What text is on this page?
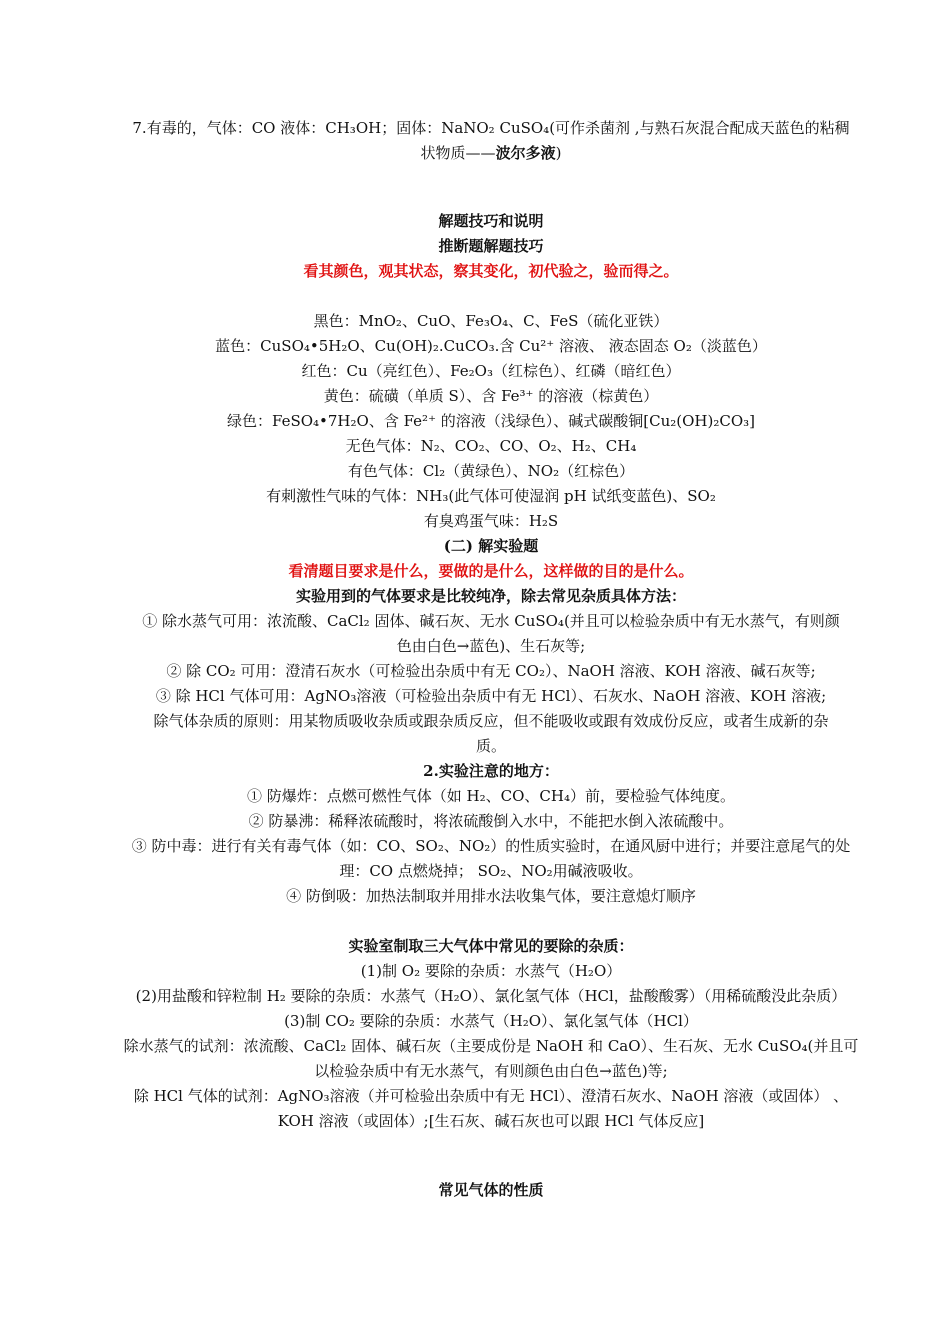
7.有毒的，气体：CO 液体：CH₃OH；固体：NaNO₂ CuSO₄(可作杀菌剂 ,与熟石灰混合配成天蓝色的粘稠

状物质——波尔多液)

解题技巧和说明

推断题解题技巧

看其颜色，观其状态，察其变化，初代验之，验而得之。

黑色：MnO₂、CuO、Fe₃O₄、C、FeS（硫化亚铁）

蓝色：CuSO₄•5H₂O、Cu(OH)₂.CuCO₃.含 Cu²⁺ 溶液、 液态固态 O₂（淡蓝色）

红色：Cu（亮红色）、Fe₂O₃（红棕色）、红磷（暗红色）

黄色：硫磺（单质 S）、含 Fe³⁺ 的溶液（棕黄色）

绿色：FeSO₄•7H₂O、含 Fe²⁺ 的溶液（浅绿色）、碱式碳酸铜[Cu₂(OH)₂CO₃]

无色气体：N₂、CO₂、CO、O₂、H₂、CH₄

有色气体：Cl₂（黄绿色）、NO₂（红棕色）

有刺激性气味的气体：NH₃(此气体可使湿润 pH 试纸变蓝色)、SO₂

有臭鸡蛋气味：H₂S

(二) 解实验题

看清题目要求是什么，要做的是什么，这样做的目的是什么。

实验用到的气体要求是比较纯净，除去常见杂质具体方法：

① 除水蒸气可用：浓流酸、CaCl₂ 固体、碱石灰、无水 CuSO₄(并且可以检验杂质中有无水蒸气，有则颜

色由白色→蓝色)、生石灰等;

② 除 CO₂ 可用：澄清石灰水（可检验出杂质中有无 CO₂）、NaOH 溶液、KOH 溶液、碱石灰等;

③ 除 HCl 气体可用：AgNO₃溶液（可检验出杂质中有无 HCl）、石灰水、NaOH 溶液、KOH 溶液;

除气体杂质的原则：用某物质吸收杂质或跟杂质反应，但不能吸收或跟有效成份反应，或者生成新的杂

质。

2.实验注意的地方：

① 防爆炸：点燃可燃性气体（如 H₂、CO、CH₄）前，要检验气体纯度。

② 防暴沸：稀释浓硫酸时，将浓硫酸倒入水中，不能把水倒入浓硫酸中。

③ 防中毒：进行有关有毒气体（如：CO、SO₂、NO₂）的性质实验时，在通风厨中进行；并要注意尾气的处

理：CO 点燃烧掉； SO₂、NO₂用碱液吸收。

④ 防倒吸：加热法制取并用排水法收集气体，要注意熄灯顺序

实验室制取三大气体中常见的要除的杂质：

(1)制 O₂ 要除的杂质：水蒸气（H₂O）

(2)用盐酸和锌粒制 H₂ 要除的杂质：水蒸气（H₂O）、氯化氢气体（HCl，盐酸酸雾）（用稀硫酸没此杂质）

(3)制 CO₂ 要除的杂质：水蒸气（H₂O）、氯化氢气体（HCl）

除水蒸气的试剂：浓流酸、CaCl₂ 固体、碱石灰（主要成份是 NaOH 和 CaO）、生石灰、无水 CuSO₄(并且可

以检验杂质中有无水蒸气，有则颜色由白色→蓝色)等;

除 HCl 气体的试剂：AgNO₃溶液（并可检验出杂质中有无 HCl）、澄清石灰水、NaOH 溶液（或固体） 、

KOH 溶液（或固体）;[生石灰、碱石灰也可以跟 HCl 气体反应]

常见气体的性质
